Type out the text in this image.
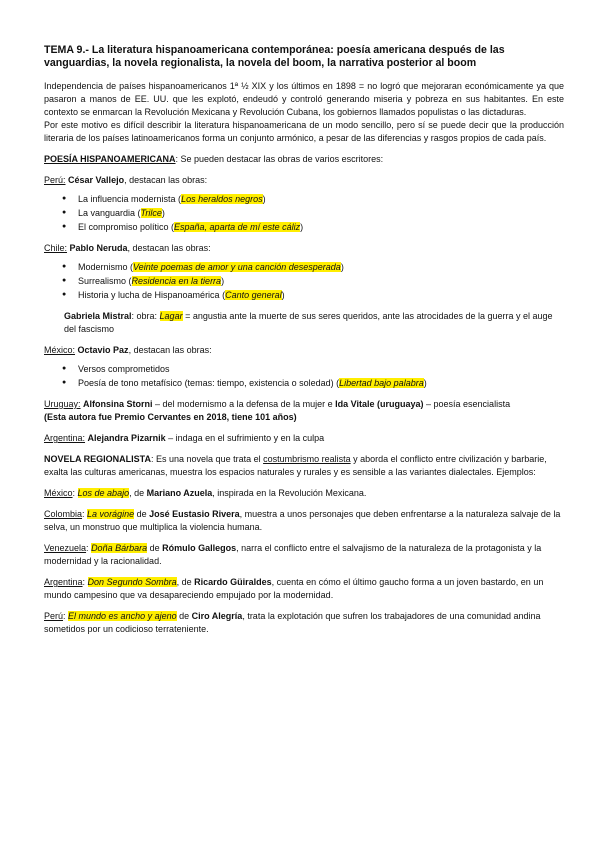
TEMA 9.- La literatura hispanoamericana contemporánea: poesía americana después de las vanguardias, la novela regionalista, la novela del boom, la narrativa posterior al boom

Independencia de países hispanoamericanos 1ª ½ XIX y los últimos en 1898 = no logró que mejoraran económicamente ya que pasaron a manos de EE. UU. que les explotó, endeudó y controló generando miseria y pobreza en sus habitantes. En este contexto se enmarcan la Revolución Mexicana y Revolución Cubana, los gobiernos llamados populistas o las dictaduras.

Por este motivo es difícil describir la literatura hispanoamericana de un modo sencillo, pero sí se puede decir que la producción literaria de los países latinoamericanos forma un conjunto armónico, a pesar de las diferencias y rasgos propios de cada país.

POESÍA HISPANOAMERICANA: Se pueden destacar las obras de varios escritores:

Perú: César Vallejo, destacan las obras:

● La influencia modernista (Los heraldos negros)
● La vanguardia (Trilce)
● El compromiso político (España, aparta de mí este cáliz)

Chile: Pablo Neruda, destacan las obras:

● Modernismo (Veinte poemas de amor y una canción desesperada)
● Surrealismo (Residencia en la tierra)
● Historia y lucha de Hispanoamérica (Canto general)

Gabriela Mistral: obra: Lagar = angustia ante la muerte de sus seres queridos, ante las atrocidades de la guerra y el auge del fascismo

México: Octavio Paz, destacan las obras:

● Versos comprometidos
● Poesía de tono metafísico (temas: tiempo, existencia o soledad) (Libertad bajo palabra)

Uruguay: Alfonsina Storni – del modernismo a la defensa de la mujer e Ida Vitale (uruguaya) – poesía esencialista

(Esta autora fue Premio Cervantes en 2018, tiene 101 años)

Argentina: Alejandra Pizarnik – indaga en el sufrimiento y en la culpa

NOVELA REGIONALISTA: Es una novela que trata el costumbrismo realista y aborda el conflicto entre civilización y barbarie, exalta las culturas americanas, muestra los espacios naturales y rurales y es sensible a las variantes dialectales. Ejemplos:

México: Los de abajo, de Mariano Azuela, inspirada en la Revolución Mexicana.

Colombia: La vorágine de José Eustasio Rivera, muestra a unos personajes que deben enfrentarse a la naturaleza salvaje de la selva, un monstruo que multiplica la violencia humana.

Venezuela: Doña Bárbara de Rómulo Gallegos, narra el conflicto entre el salvajismo de la naturaleza de la protagonista y la modernidad y la racionalidad.

Argentina: Don Segundo Sombra, de Ricardo Güiraldes, cuenta en cómo el último gaucho forma a un joven bastardo, en un mundo campesino que va desapareciendo empujado por la modernidad.

Perú: El mundo es ancho y ajeno de Ciro Alegría, trata la explotación que sufren los trabajadores de una comunidad andina sometidos por un codicioso terrateniente.
